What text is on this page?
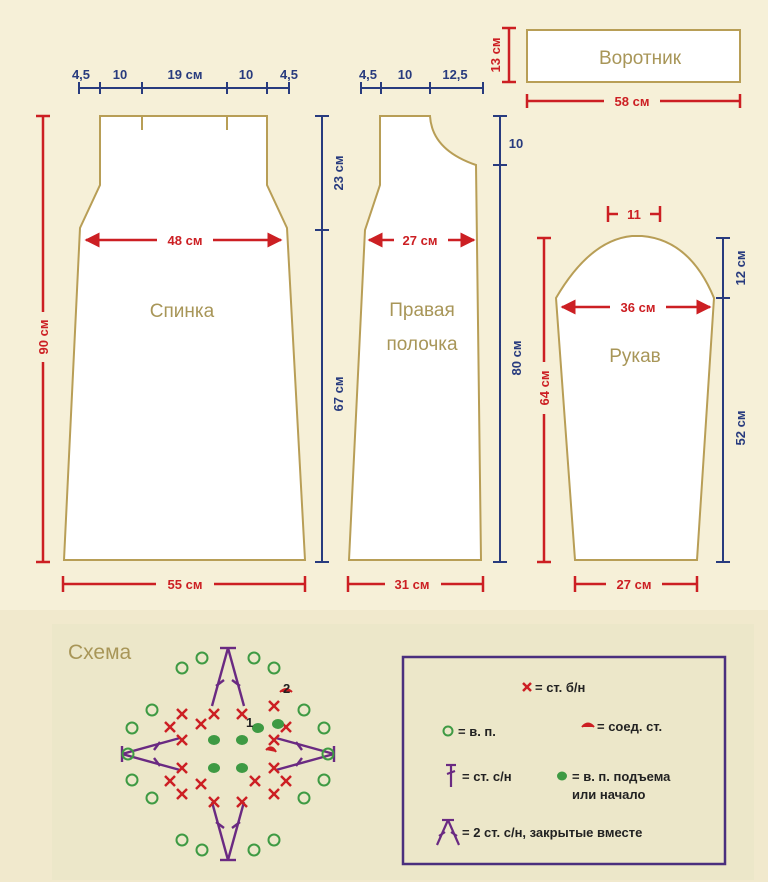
Спинка
4,5 10	19 см	10 4,5
48 см
55 см
90 см
23 см
67 см
Правая
полочка
4,5 10 12,5
27 см
31 см
10
80 см
Воротник
13 см
58 см
Рукав
11
36 см
27 см
64 см
12 см
52 см
Схема
1
2	= ст. б/н
= в. п.	= соед. ст.
= ст. с/н	= в. п. подъема
или начало
= 2 ст. с/н, закрытые вместе
